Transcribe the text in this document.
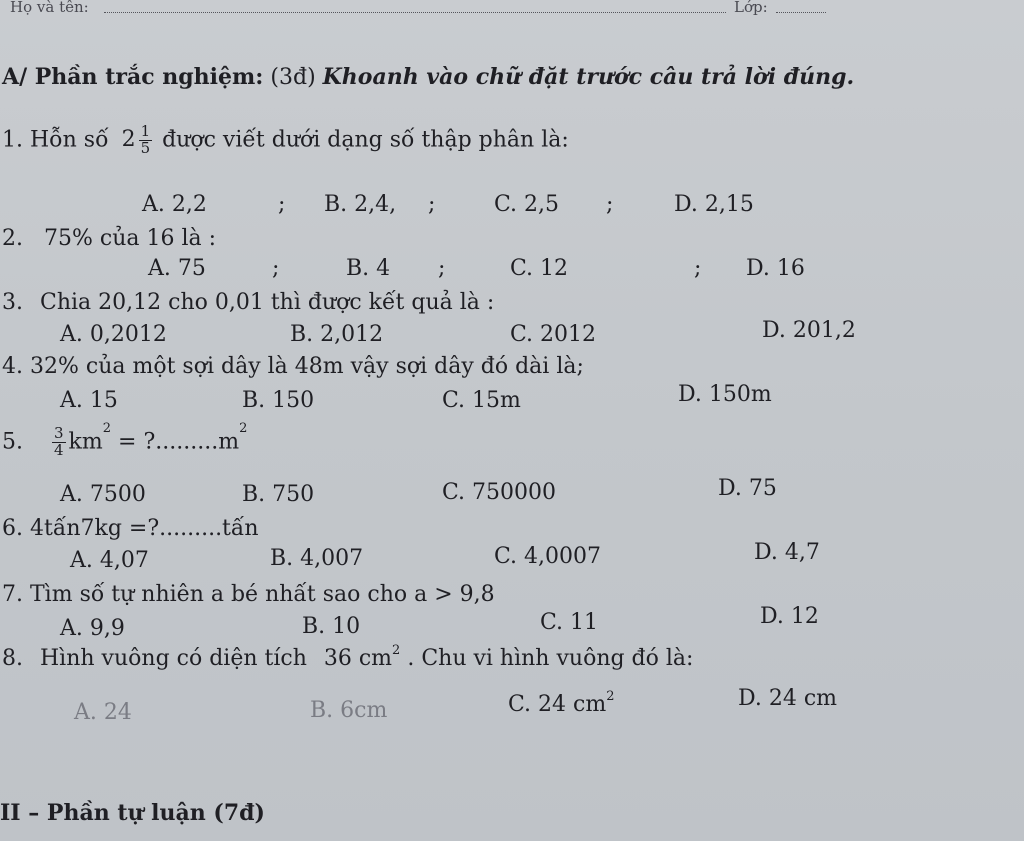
Họ và tên:	Lớp:
A/ Phần trắc nghiệm: (3đ) Khoanh vào chữ đặt trước câu trả lời đúng.
1. Hỗn số $2 \frac{1}{5}$ được viết dưới dạng số thập phân là:
A. 2,2	; B. 2,4, ;	C. 2,5 ;	D. 2,15
2. 75% của 16 là :
A. 75	;	B. 4 ;	C. 12	; D. 16
3. Chia 20,12 cho 0,01 thì được kết quả là :
A. 0,2012	B. 2,012	C. 2012	D. 201,2
4. 32% của một sợi dây là 48m vậy sợi dây đó dài là;
A. 15	B. 150	C. 15m	D. 150m
5. $\frac{3}{4} km^2$ = $?.........m^2$
A. 7500	B. 750	C. 750000	D. 75
6. 4tấn7kg =?.........tấn
A. 4,07	B. 4,007	C. 4,0007	D. 4,7
7. Tìm số tự nhiên a bé nhất sao cho a > 9,8
A. 9,9	B. 10	C. 11	D. 12
8. Hình vuông có diện tích 36 $cm^2$ . Chu vi hình vuông đó là:
A. 24	B. 6cm	C. 24 $cm^2$	D. 24 cm
II – Phần tự luận (7đ)
